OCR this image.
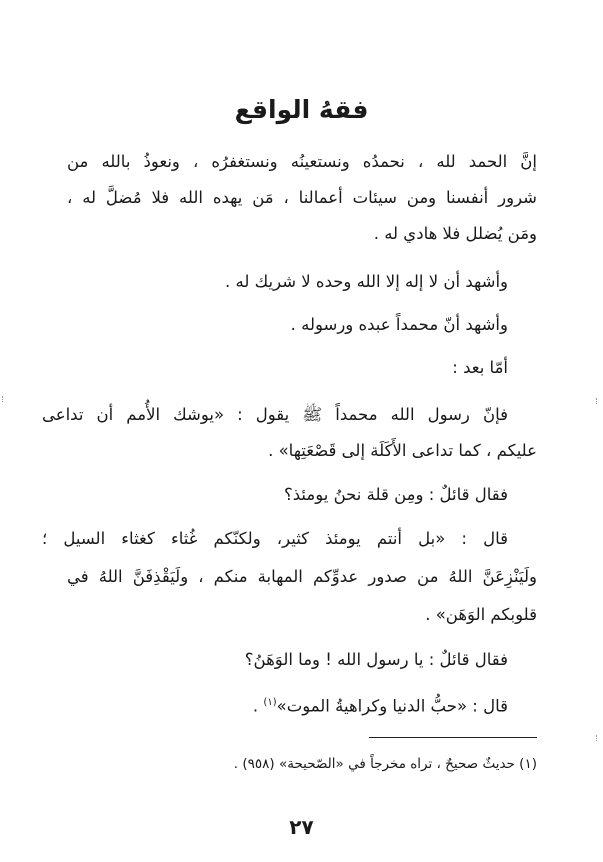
فقهُ الواقع
إنَّ الحمد لله ، نحمدُه ونستعينُه ونستغفرُه ، ونعوذُ بالله من
شرور أنفسنا ومن سيئات أعمالنا ، مَن يهده الله فلا مُضلَّ له ،
ومَن يُضلل فلا هادي له .
وأشهد أن لا إله إلا الله وحده لا شريك له .
وأشهد أنّ محمداً عبده ورسوله .
أمّا بعد :
فإنّ رسول الله محمداً ﷺ يقول : «يوشك الأُمم أن تداعى
عليكم ، كما تداعى الأَكَلَة إلى قَصْعَتِها» .
فقال قائلٌ : ومِن قلة نحنُ يومئذ؟
قال : «بل أنتم يومئذ كثير، ولكنّكم غُثاء كغثاء السيل ؛
ولَيَنْزِعَنَّ اللهُ من صدور عدوِّكم المهابة منكم ، ولَيَقْذِفَنَّ اللهُ في
قلوبكم الوَهَن» .
فقال قائلٌ : يا رسول الله ! وما الوَهَنُ؟
قال : «حبُّ الدنيا وكراهيةُ الموت»$^{(١)}$ .
(١) حديثٌ صحيحٌ ، تراه مخرجاً في «الصّحيحة» (٩٥٨) .
٢٧
